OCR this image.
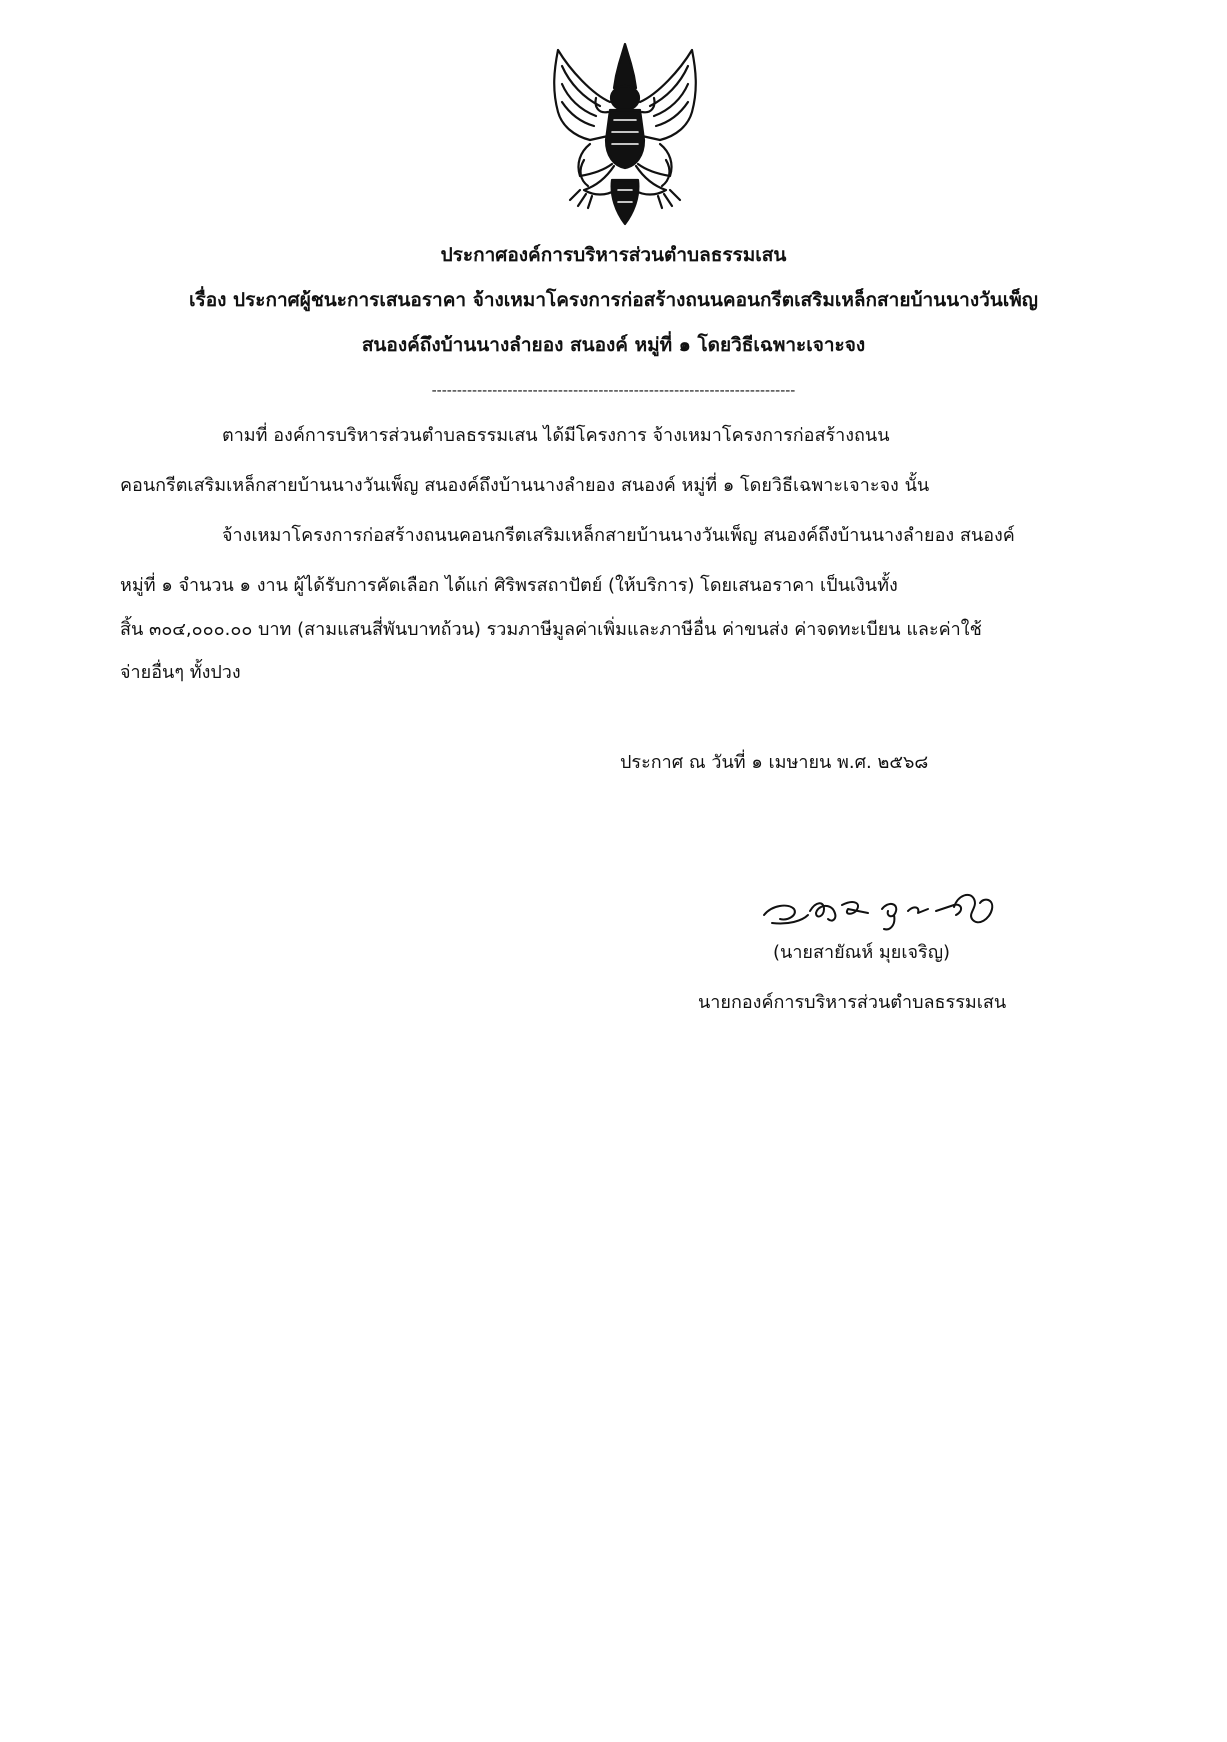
ประกาศองค์การบริหารส่วนตำบลธรรมเสน
เรื่อง ประกาศผู้ชนะการเสนอราคา จ้างเหมาโครงการก่อสร้างถนนคอนกรีตเสริมเหล็กสายบ้านนางวันเพ็ญ
สนองค์ถึงบ้านนางลำยอง สนองค์ หมู่ที่ ๑ โดยวิธีเฉพาะเจาะจง
------------------------------------------------------------------------
ตามที่ องค์การบริหารส่วนตำบลธรรมเสน ได้มีโครงการ จ้างเหมาโครงการก่อสร้างถนน
คอนกรีตเสริมเหล็กสายบ้านนางวันเพ็ญ สนองค์ถึงบ้านนางลำยอง สนองค์ หมู่ที่ ๑ โดยวิธีเฉพาะเจาะจง นั้น
จ้างเหมาโครงการก่อสร้างถนนคอนกรีตเสริมเหล็กสายบ้านนางวันเพ็ญ สนองค์ถึงบ้านนางลำยอง สนองค์
หมู่ที่ ๑ จำนวน ๑ งาน ผู้ได้รับการคัดเลือก ได้แก่ ศิริพรสถาปัตย์ (ให้บริการ) โดยเสนอราคา เป็นเงินทั้ง
สิ้น ๓๐๔,๐๐๐.๐๐ บาท (สามแสนสี่พันบาทถ้วน) รวมภาษีมูลค่าเพิ่มและภาษีอื่น ค่าขนส่ง ค่าจดทะเบียน และค่าใช้
จ่ายอื่นๆ ทั้งปวง
ประกาศ ณ วันที่ ๑ เมษายน พ.ศ. ๒๕๖๘
(นายสายัณห์ มุยเจริญ)
นายกองค์การบริหารส่วนตำบลธรรมเสน
